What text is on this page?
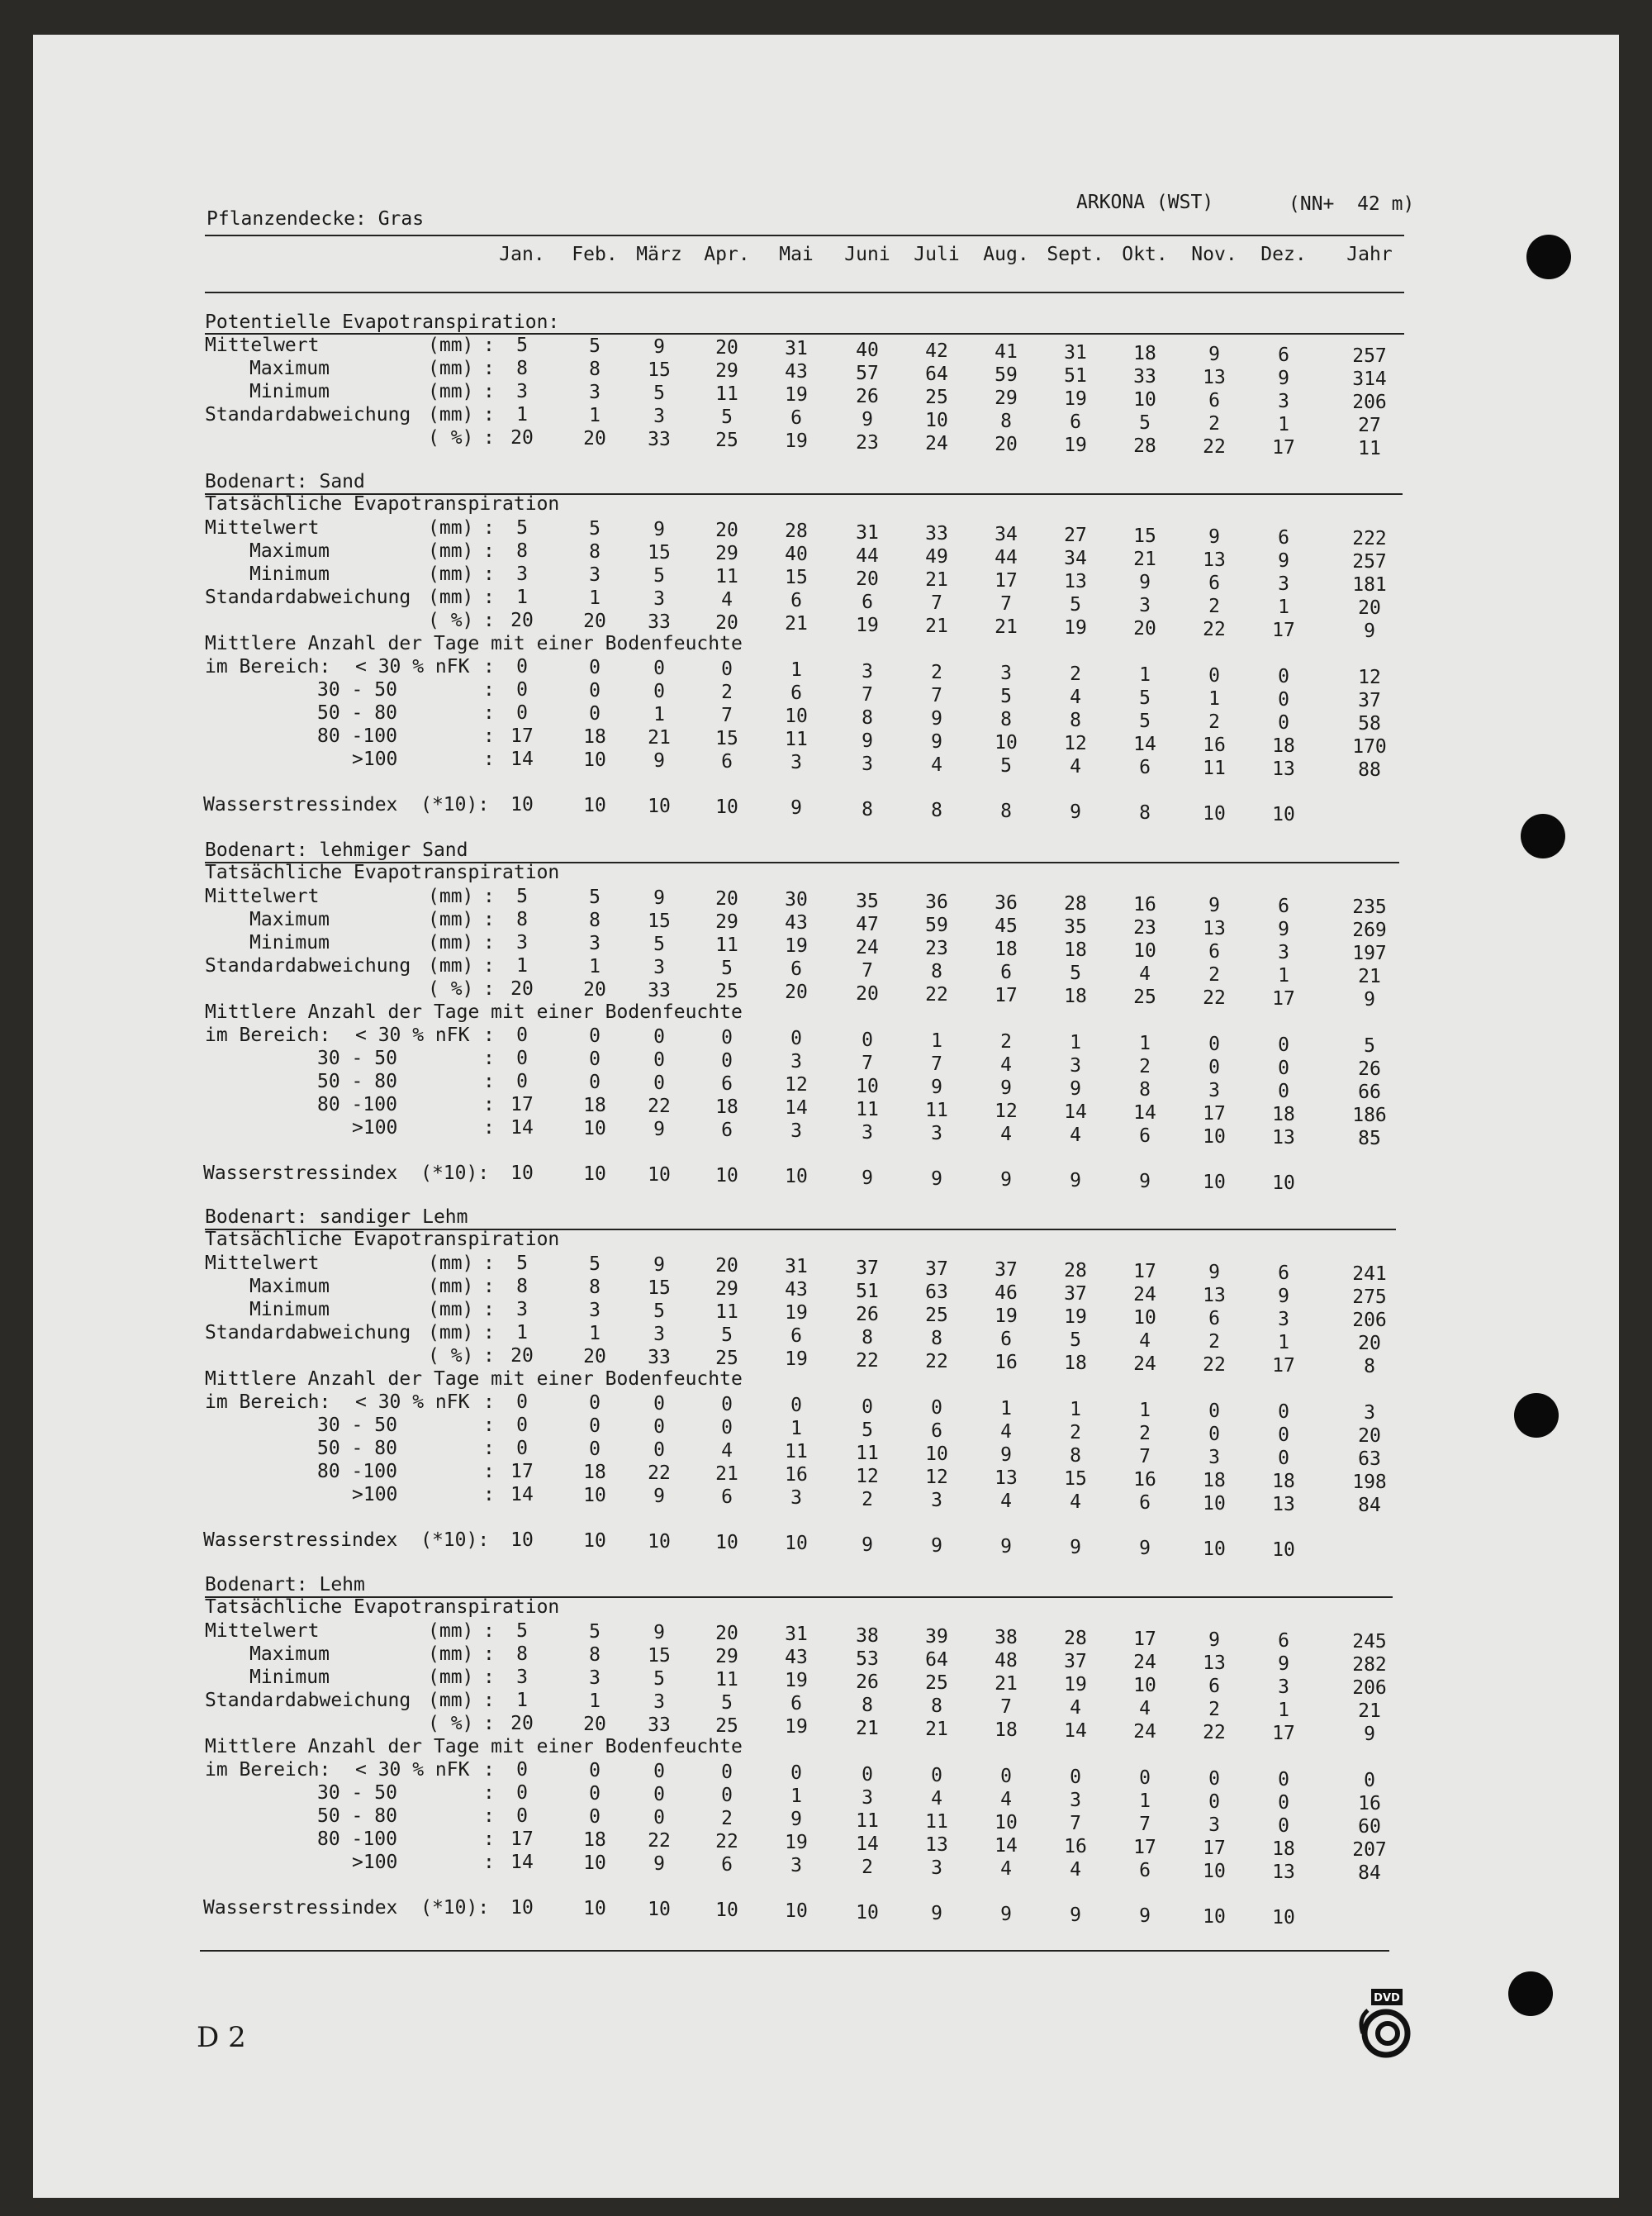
ARKONA (WST)	(NN+  42 m)
Pflanzendecke: Gras
Jan.	Feb. März	Apr.	Mai	Juni	Juli	Aug. Sept. Okt.	Nov.	Dez.	Jahr
Potentielle Evapotranspiration:
Mittelwert	(mm) :	5	5	9	20	31	40	42	41	31	18	9	6	257
Maximum	(mm) :	8	8	15	29	43	57	64	59	51	33	13	9	314
Minimum	(mm) :	3	3	5	11	19	26	25	29	19	10	6	3	206
Standardabweichung (mm) :	1	1	3	5	6	9	10	8	6	5	2	1	27
( %) : 20	20	33	25	19	23	24	20	19	28	22	17	11
Bodenart: Sand
Tatsächliche Evapotranspiration
Mittelwert	(mm) :	5	5	9	20	28	31	33	34	27	15	9	6	222
Maximum	(mm) :	8	8	15	29	40	44	49	44	34	21	13	9	257
Minimum	(mm) :	3	3	5	11	15	20	21	17	13	9	6	3	181
Standardabweichung (mm) :	1	1	3	4	6	6	7	7	5	3	2	1	20
( %) : 20	20	33	20	21	19	21	21	19	20	22	17	9
Mittlere Anzahl der Tage mit einer Bodenfeuchte
im Bereich: < 30 % nFK :	0	0	0	0	1	3	2	3	2	1	0	0	12
30 - 50	:	0	0	0	2	6	7	7	5	4	5	1	0	37
50 - 80	:	0	0	1	7	10	8	9	8	8	5	2	0	58
80 -100	: 17	18	21	15	11	9	9	10	12	14	16	18	170
>100	: 14	10	9	6	3	3	4	5	4	6	11	13	88
Wasserstressindex  (*10):	10	10	10	10	9	8	8	8	9	8	10	10
Bodenart: lehmiger Sand
Tatsächliche Evapotranspiration
Mittelwert	(mm) :	5	5	9	20	30	35	36	36	28	16	9	6	235
Maximum	(mm) :	8	8	15	29	43	47	59	45	35	23	13	9	269
Minimum	(mm) :	3	3	5	11	19	24	23	18	18	10	6	3	197
Standardabweichung (mm) :	1	1	3	5	6	7	8	6	5	4	2	1	21
( %) : 20	20	33	25	20	20	22	17	18	25	22	17	9
Mittlere Anzahl der Tage mit einer Bodenfeuchte
im Bereich: < 30 % nFK :	0	0	0	0	0	0	1	2	1	1	0	0	5
30 - 50	:	0	0	0	0	3	7	7	4	3	2	0	0	26
50 - 80	:	0	0	0	6	12	10	9	9	9	8	3	0	66
80 -100	: 17	18	22	18	14	11	11	12	14	14	17	18	186
>100	: 14	10	9	6	3	3	3	4	4	6	10	13	85
Wasserstressindex  (*10):	10	10	10	10	10	9	9	9	9	9	10	10
Bodenart: sandiger Lehm
Tatsächliche Evapotranspiration
Mittelwert	(mm) :	5	5	9	20	31	37	37	37	28	17	9	6	241
Maximum	(mm) :	8	8	15	29	43	51	63	46	37	24	13	9	275
Minimum	(mm) :	3	3	5	11	19	26	25	19	19	10	6	3	206
Standardabweichung (mm) :	1	1	3	5	6	8	8	6	5	4	2	1	20
( %) : 20	20	33	25	19	22	22	16	18	24	22	17	8
Mittlere Anzahl der Tage mit einer Bodenfeuchte
im Bereich: < 30 % nFK :	0	0	0	0	0	0	0	1	1	1	0	0	3
30 - 50	:	0	0	0	0	1	5	6	4	2	2	0	0	20
50 - 80	:	0	0	0	4	11	11	10	9	8	7	3	0	63
80 -100	: 17	18	22	21	16	12	12	13	15	16	18	18	198
>100	: 14	10	9	6	3	2	3	4	4	6	10	13	84
Wasserstressindex  (*10):	10	10	10	10	10	9	9	9	9	9	10	10
Bodenart: Lehm
Tatsächliche Evapotranspiration
Mittelwert	(mm) :	5	5	9	20	31	38	39	38	28	17	9	6	245
Maximum	(mm) :	8	8	15	29	43	53	64	48	37	24	13	9	282
Minimum	(mm) :	3	3	5	11	19	26	25	21	19	10	6	3	206
Standardabweichung (mm) :	1	1	3	5	6	8	8	7	4	4	2	1	21
( %) : 20	20	33	25	19	21	21	18	14	24	22	17	9
Mittlere Anzahl der Tage mit einer Bodenfeuchte
im Bereich: < 30 % nFK :	0	0	0	0	0	0	0	0	0	0	0	0	0
30 - 50	:	0	0	0	0	1	3	4	4	3	1	0	0	16
50 - 80	:	0	0	0	2	9	11	11	10	7	7	3	0	60
80 -100	: 17	18	22	22	19	14	13	14	16	17	17	18	207
>100	: 14	10	9	6	3	2	3	4	4	6	10	13	84
Wasserstressindex  (*10):	10	10	10	10	10	10	9	9	9	9	10	10
D 2
DVD
